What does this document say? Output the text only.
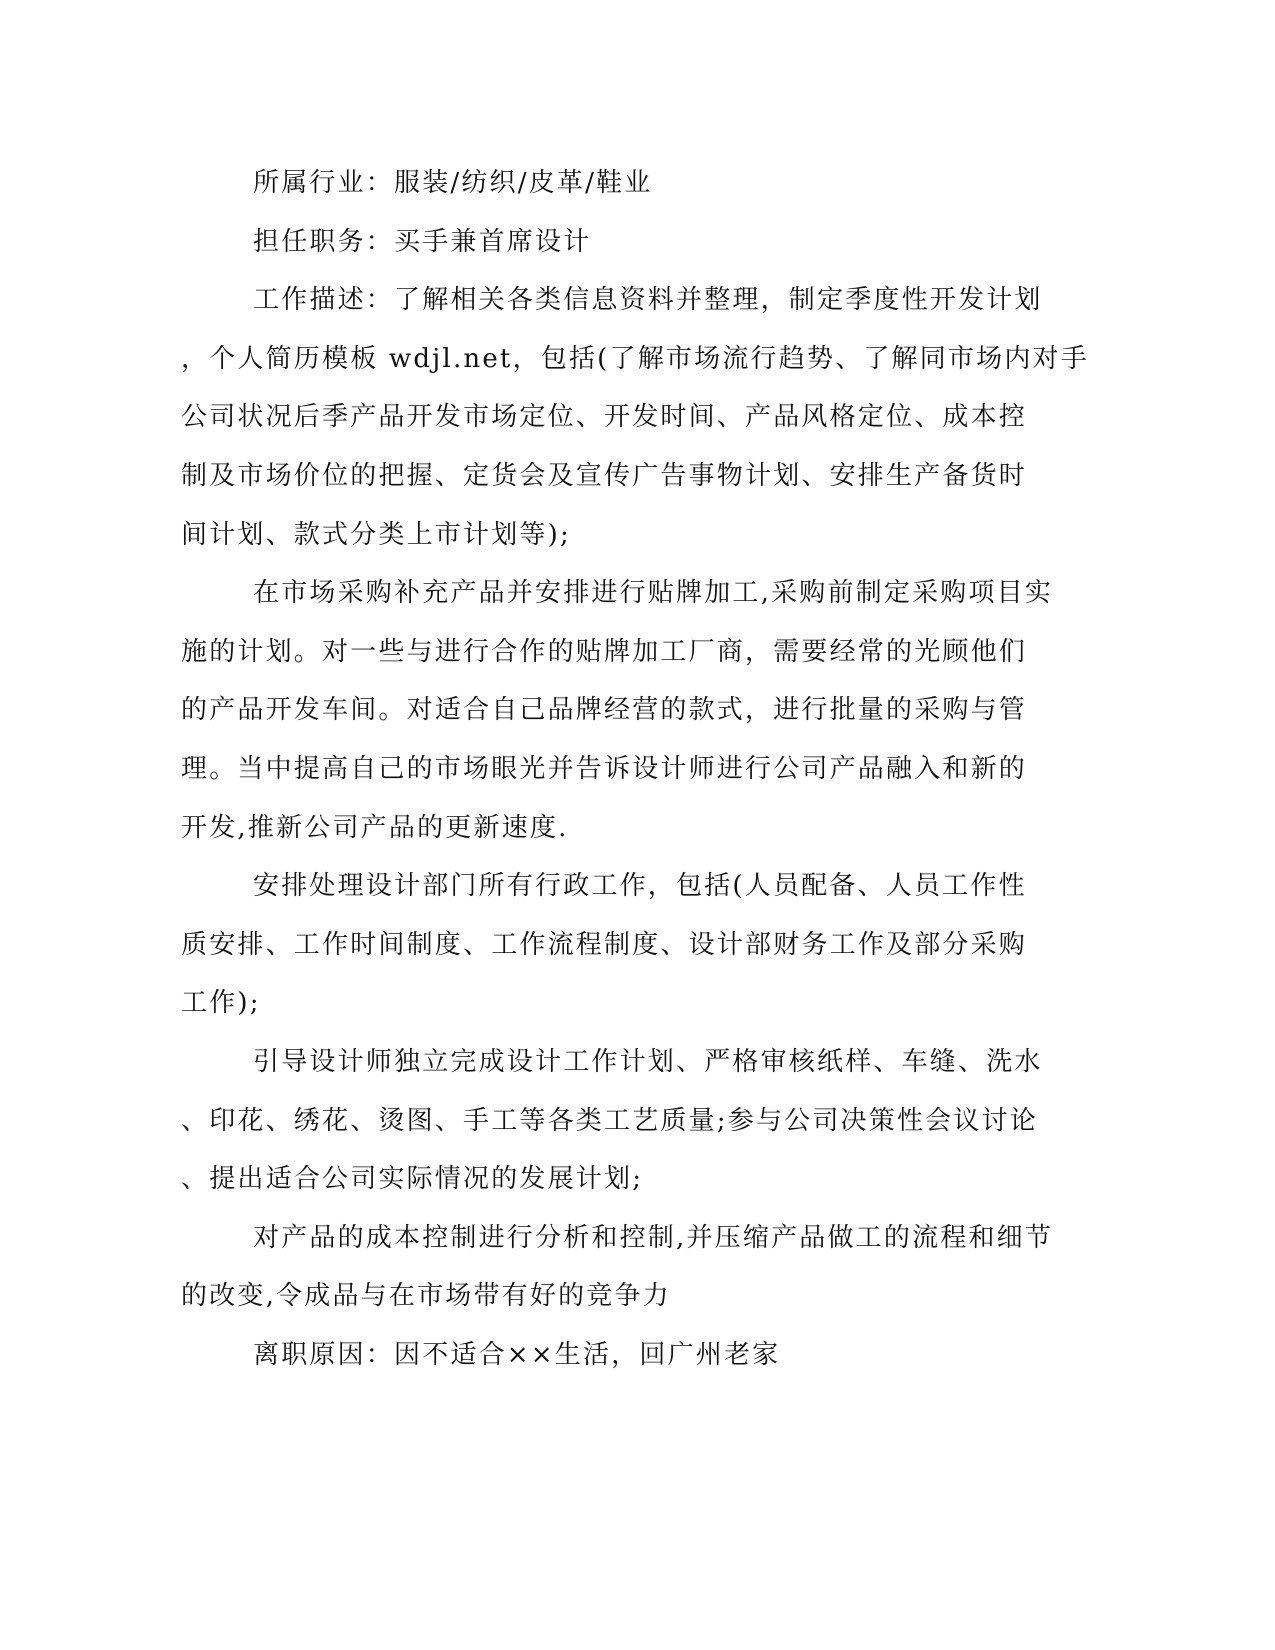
所属行业：服装/纺织/皮革/鞋业
担任职务：买手兼首席设计
工作描述：了解相关各类信息资料并整理，制定季度性开发计划
，个人简历模板 wdjl.net，包括(了解市场流行趋势、了解同市场内对手
公司状况后季产品开发市场定位、开发时间、产品风格定位、成本控
制及市场价位的把握、定货会及宣传广告事物计划、安排生产备货时
间计划、款式分类上市计划等);
在市场采购补充产品并安排进行贴牌加工,采购前制定采购项目实
施的计划。对一些与进行合作的贴牌加工厂商，需要经常的光顾他们
的产品开发车间。对适合自己品牌经营的款式，进行批量的采购与管
理。当中提高自己的市场眼光并告诉设计师进行公司产品融入和新的
开发,推新公司产品的更新速度.
安排处理设计部门所有行政工作，包括(人员配备、人员工作性
质安排、工作时间制度、工作流程制度、设计部财务工作及部分采购
工作);
引导设计师独立完成设计工作计划、严格审核纸样、车缝、洗水
、印花、绣花、烫图、手工等各类工艺质量;参与公司决策性会议讨论
、提出适合公司实际情况的发展计划;
对产品的成本控制进行分析和控制,并压缩产品做工的流程和细节
的改变,令成品与在市场带有好的竞争力
离职原因：因不适合××生活，回广州老家
